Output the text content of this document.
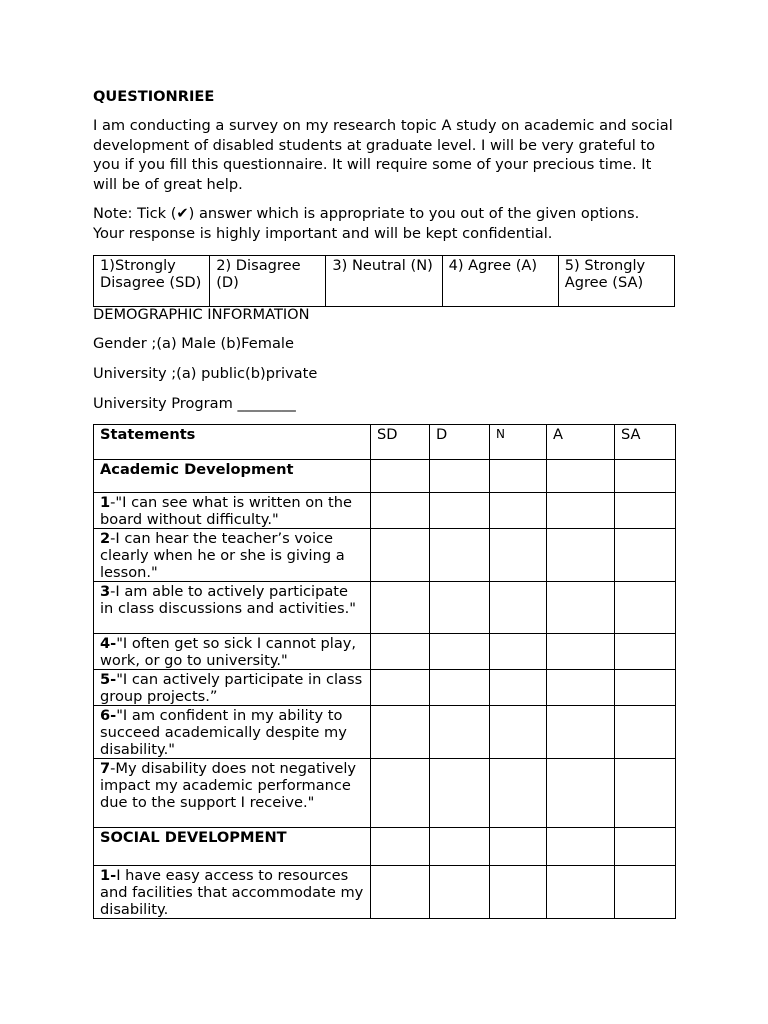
QUESTIONRIEE
I am conducting a survey on my research topic A study on academic and social development of disabled students at graduate level. I will be very grateful to you if you fill this questionnaire. It will require some of your precious time. It will be of great help.
Note: Tick (✔) answer which is appropriate to you out of the given options. Your response is highly important and will be kept confidential.
1)Strongly Disagree (SD)	2) Disagree (D)	3) Neutral (N)	4) Agree (A)	5) Strongly Agree (SA)
DEMOGRAPHIC INFORMATION
Gender ;(a) Male (b)Female
University ;(a) public(b)private
University Program ________
Statements	SD	D	N	A	SA
Academic Development					
1-"I can see what is written on the board without difficulty."					
2-I can hear the teacher’s voice clearly when he or she is giving a lesson."					
3-I am able to actively participate in class discussions and activities."					
4-"I often get so sick I cannot play, work, or go to university."					
5-"I can actively participate in class group projects.”					
6-"I am confident in my ability to succeed academically despite my disability."					
7-My disability does not negatively impact my academic performance due to the support I receive."					
SOCIAL DEVELOPMENT					
1-I have easy access to resources and facilities that accommodate my disability.					
